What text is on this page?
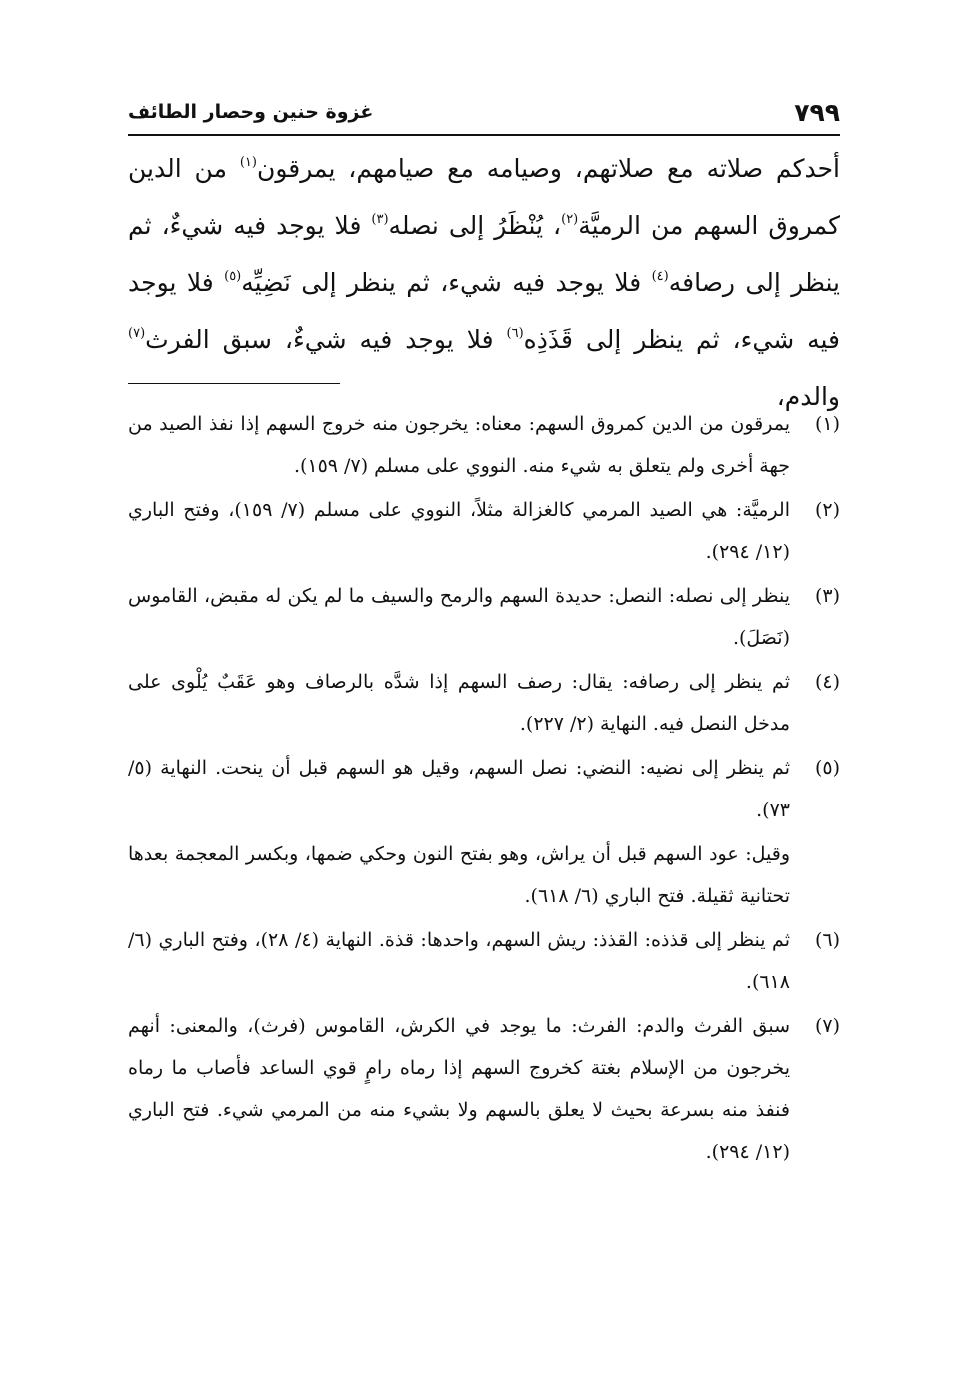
٧٩٩
غزوة حنين وحصار الطائف

أحدكم صلاته مع صلاتهم، وصيامه مع صيامهم، يمرقون$^{(١)}$ من الدين كمروق السهم من الرميَّة$^{(٢)}$، يُنْظَرُ إلى نصله$^{(٣)}$ فلا يوجد فيه شيءٌ، ثم ينظر إلى رصافه$^{(٤)}$ فلا يوجد فيه شيء، ثم ينظر إلى نَضِيِّه$^{(٥)}$ فلا يوجد فيه شيء، ثم ينظر إلى قَذَذِه$^{(٦)}$ فلا يوجد فيه شيءٌ، سبق الفرث$^{(٧)}$ والدم،

(١)
يمرقون من الدين كمروق السهم: معناه: يخرجون منه خروج السهم إذا نفذ الصيد من جهة أخرى ولم يتعلق به شيء منه. النووي على مسلم (٧/ ١٥٩).
(٢)
الرميَّة: هي الصيد المرمي كالغزالة مثلاً، النووي على مسلم (٧/ ١٥٩)، وفتح الباري (١٢/ ٢٩٤).
(٣)
ينظر إلى نصله: النصل: حديدة السهم والرمح والسيف ما لم يكن له مقبض، القاموس (نَصَلَ).
(٤)
ثم ينظر إلى رصافه: يقال: رصف السهم إذا شدَّه بالرصاف وهو عَقَبٌ يُلْوى على مدخل النصل فيه. النهاية (٢/ ٢٢٧).
(٥)
ثم ينظر إلى نضيه: النضي: نصل السهم، وقيل هو السهم قبل أن ينحت. النهاية (٥/ ٧٣).
وقيل: عود السهم قبل أن يراش، وهو بفتح النون وحكي ضمها، وبكسر المعجمة بعدها تحتانية ثقيلة. فتح الباري (٦/ ٦١٨).
(٦)
ثم ينظر إلى قذذه: القذذ: ريش السهم، واحدها: قذة. النهاية (٤/ ٢٨)، وفتح الباري (٦/ ٦١٨).
(٧)
سبق الفرث والدم: الفرث: ما يوجد في الكرش، القاموس (فرث)، والمعنى: أنهم يخرجون من الإسلام بغتة كخروج السهم إذا رماه رامٍ قوي الساعد فأصاب ما رماه فنفذ منه بسرعة بحيث لا يعلق بالسهم ولا بشيء منه من المرمي شيء. فتح الباري (١٢/ ٢٩٤).
